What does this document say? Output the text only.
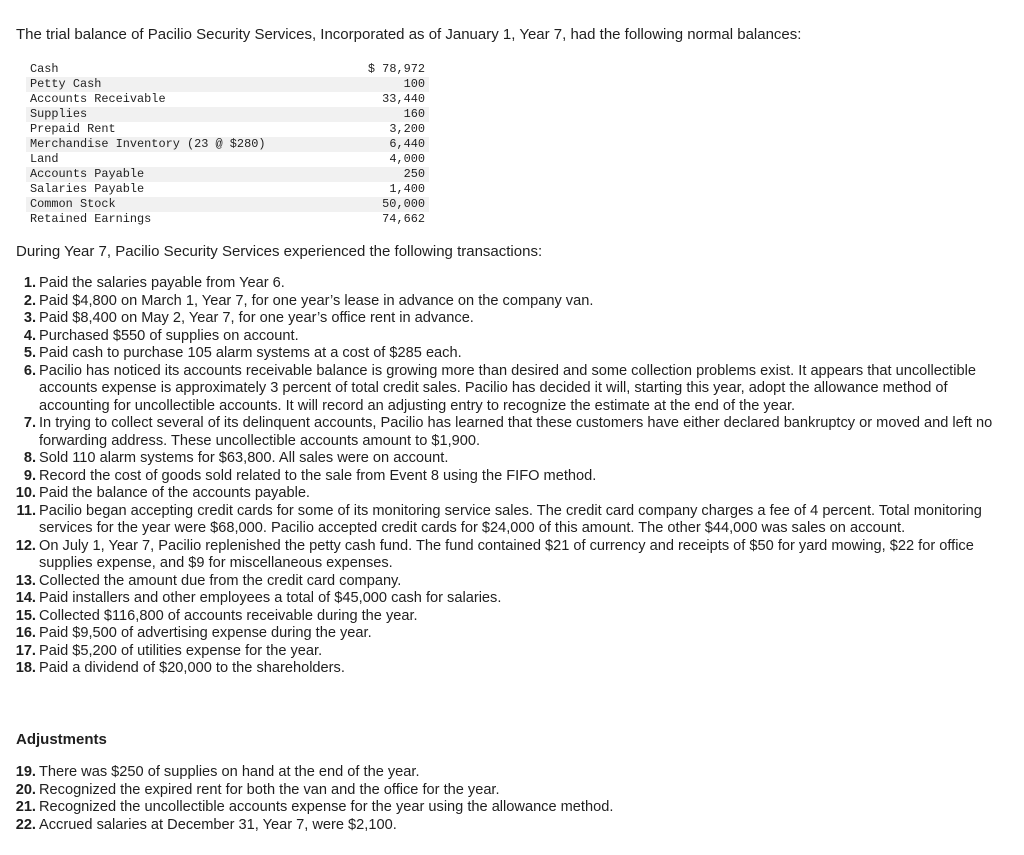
The trial balance of Pacilio Security Services, Incorporated as of January 1, Year 7, had the following normal balances:
Cash	$ 78,972
Petty Cash	100
Accounts Receivable	33,440
Supplies	160
Prepaid Rent	3,200
Merchandise Inventory (23 @ $280)	6,440
Land	4,000
Accounts Payable	250
Salaries Payable	1,400
Common Stock	50,000
Retained Earnings	74,662
During Year 7, Pacilio Security Services experienced the following transactions:
1. Paid the salaries payable from Year 6.
2. Paid $4,800 on March 1, Year 7, for one year’s lease in advance on the company van.
3. Paid $8,400 on May 2, Year 7, for one year’s office rent in advance.
4. Purchased $550 of supplies on account.
5. Paid cash to purchase 105 alarm systems at a cost of $285 each.
6. Pacilio has noticed its accounts receivable balance is growing more than desired and some collection problems exist. It appears that uncollectible accounts expense is approximately 3 percent of total credit sales. Pacilio has decided it will, starting this year, adopt the allowance method of accounting for uncollectible accounts. It will record an adjusting entry to recognize the estimate at the end of the year.
7. In trying to collect several of its delinquent accounts, Pacilio has learned that these customers have either declared bankruptcy or moved and left no forwarding address. These uncollectible accounts amount to $1,900.
8. Sold 110 alarm systems for $63,800. All sales were on account.
9. Record the cost of goods sold related to the sale from Event 8 using the FIFO method.
10. Paid the balance of the accounts payable.
11. Pacilio began accepting credit cards for some of its monitoring service sales. The credit card company charges a fee of 4 percent. Total monitoring services for the year were $68,000. Pacilio accepted credit cards for $24,000 of this amount. The other $44,000 was sales on account.
12. On July 1, Year 7, Pacilio replenished the petty cash fund. The fund contained $21 of currency and receipts of $50 for yard mowing, $22 for office supplies expense, and $9 for miscellaneous expenses.
13. Collected the amount due from the credit card company.
14. Paid installers and other employees a total of $45,000 cash for salaries.
15. Collected $116,800 of accounts receivable during the year.
16. Paid $9,500 of advertising expense during the year.
17. Paid $5,200 of utilities expense for the year.
18. Paid a dividend of $20,000 to the shareholders.
Adjustments
19. There was $250 of supplies on hand at the end of the year.
20. Recognized the expired rent for both the van and the office for the year.
21. Recognized the uncollectible accounts expense for the year using the allowance method.
22. Accrued salaries at December 31, Year 7, were $2,100.
